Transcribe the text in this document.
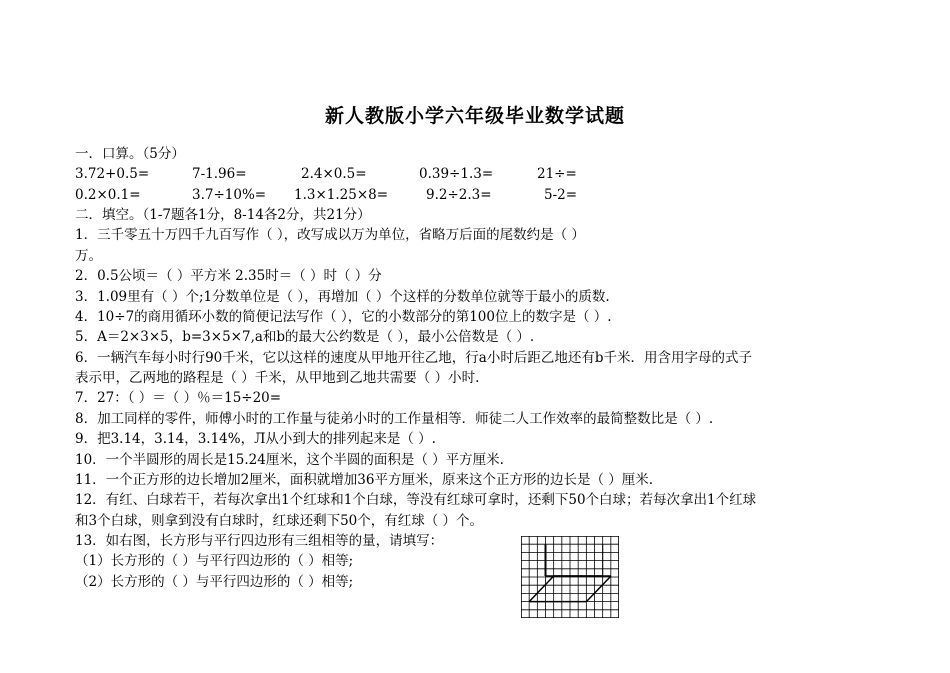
新人教版小学六年级毕业数学试题
一．口算。（5分）
3.72+0.5=	7-1.96=	2.4×0.5=	0.39÷1.3=	21÷=
0.2×0.1=	3.7÷10%= 1.3×1.25×8=	9.2÷2.3=	5-2=
二．填空。（1-7题各1分，8-14各2分，共21分）
1．三千零五十万四千九百写作（ ），改写成以万为单位，省略万后面的尾数约是（ ）
万。
2．0.5公顷＝（ ）平方米 2.35时＝（ ）时（ ）分
3．1.09里有（ ）个;1分数单位是（ ），再增加（ ）个这样的分数单位就等于最小的质数.
4．10÷7的商用循环小数的简便记法写作（ ），它的小数部分的第100位上的数字是（ ）.
5．A＝2×3×5，b=3×5×7,a和b的最大公约数是（ ），最小公倍数是（ ）.
6．一辆汽车每小时行90千米，它以这样的速度从甲地开往乙地，行a小时后距乙地还有b千米．用含用字母的式子
表示甲，乙两地的路程是（ ）千米，从甲地到乙地共需要（ ）小时.
7．27：（ ）＝（ ）％＝15÷20=
8．加工同样的零件，师傅小时的工作量与徒弟小时的工作量相等．师徒二人工作效率的最简整数比是（ ）.
9．把3.14，3.14，3.14%，Л从小到大的排列起来是（ ）.
10．一个半圆形的周长是15.24厘米，这个半圆的面积是（ ）平方厘米.
11．一个正方形的边长增加2厘米，面积就增加36平方厘米，原来这个正方形的边长是（ ）厘米.
12．有红、白球若干，若每次拿出1个红球和1个白球，等没有红球可拿时，还剩下50个白球；若每次拿出1个红球
和3个白球，则拿到没有白球时，红球还剩下50个，有红球（ ）个。
13．如右图，长方形与平行四边形有三组相等的量，请填写：
（1）长方形的（ ）与平行四边形的（ ）相等;
（2）长方形的（ ）与平行四边形的（ ）相等;
